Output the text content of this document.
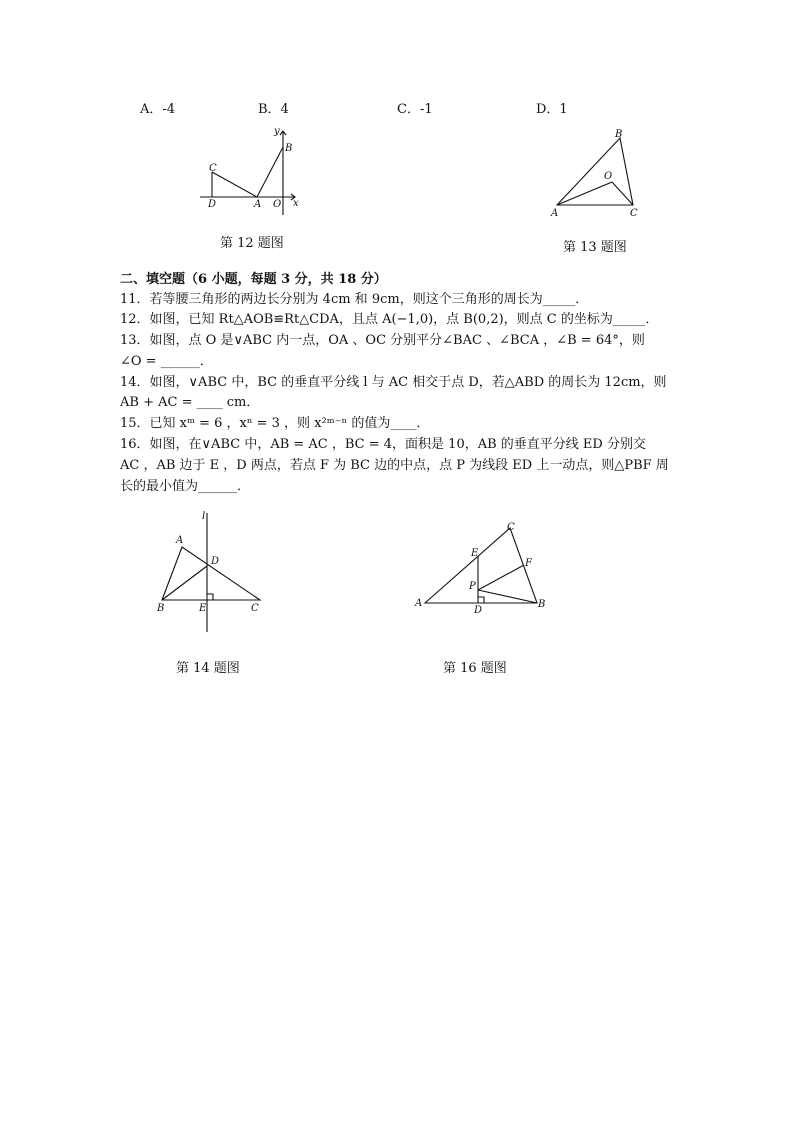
A．-4	B．4	C．-1	D．1
C
B
y
D	A O x
第 12 题图
B
O
A	C
第 13 题图
二、填空题（6 小题，每题 3 分，共 18 分）
11．若等腰三角形的两边长分别为 4cm 和 9cm，则这个三角形的周长为_____．
12．如图，已知 Rt△AOB≌Rt△CDA，且点 A(−1,0)，点 B(0,2)，则点 C 的坐标为_____．
13．如图，点 O 是∨ABC 内一点，OA 、OC 分别平分∠BAC 、∠BCA ，∠B = 64°，则
∠O = ______．
14．如图，∨ABC 中，BC 的垂直平分线 l 与 AC 相交于点 D，若△ABD 的周长为 12cm，则
AB + AC = ____ cm．
15．已知 xᵐ = 6 ，xⁿ = 3 ，则 x²ᵐ⁻ⁿ 的值为____．
16．如图，在∨ABC 中，AB = AC ，BC = 4，面积是 10，AB 的垂直平分线 ED 分别交
AC ，AB 边于 E ，D 两点，若点 F 为 BC 边的中点，点 P 为线段 ED 上一动点，则△PBF 周
长的最小值为______．
l
A
D
B	E	C
第 14 题图
C
E
F
P
A
D
B
第 16 题图
